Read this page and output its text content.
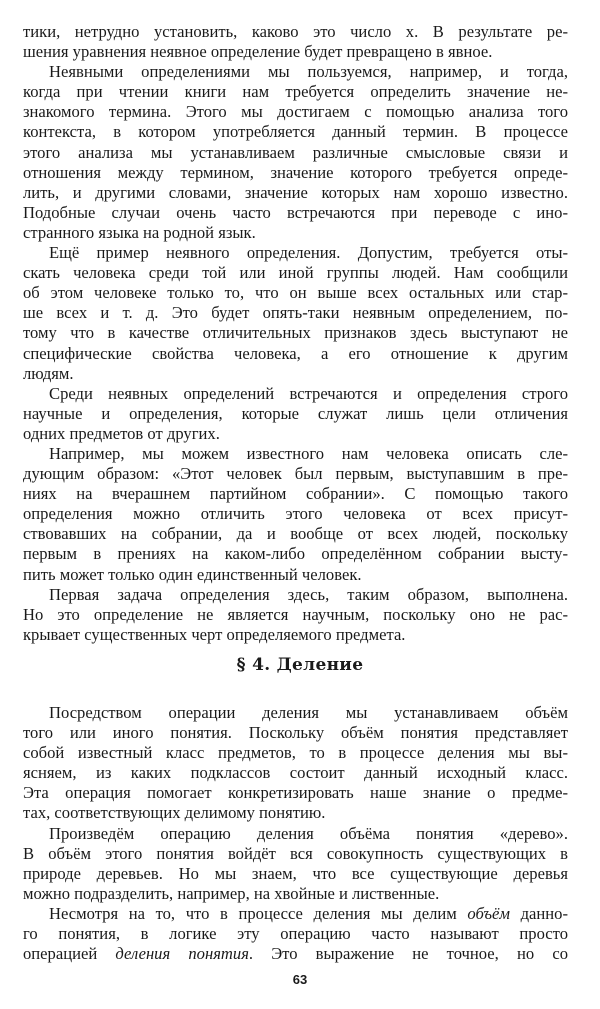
тики, нетрудно установить, каково это число x. В результате ре-
шения уравнения неявное определение будет превращено в явное.
Неявными определениями мы пользуемся, например, и тогда,
когда при чтении книги нам требуется определить значение не-
знакомого термина. Этого мы достигаем с помощью анализа того
контекста, в котором употребляется данный термин. В процессе
этого анализа мы устанавливаем различные смысловые связи и
отношения между термином, значение которого требуется опреде-
лить, и другими словами, значение которых нам хорошо известно.
Подобные случаи очень часто встречаются при переводе с ино-
странного языка на родной язык.
Ещё пример неявного определения. Допустим, требуется оты-
скать человека среди той или иной группы людей. Нам сообщили
об этом человеке только то, что он выше всех остальных или стар-
ше всех и т. д. Это будет опять-таки неявным определением, по-
тому что в качестве отличительных признаков здесь выступают не
специфические свойства человека, а его отношение к другим
людям.
Среди неявных определений встречаются и определения строго
научные и определения, которые служат лишь цели отличения
одних предметов от других.
Например, мы можем известного нам человека описать сле-
дующим образом: «Этот человек был первым, выступавшим в пре-
ниях на вчерашнем партийном собрании». С помощью такого
определения можно отличить этого человека от всех присут-
ствовавших на собрании, да и вообще от всех людей, поскольку
первым в прениях на каком-либо определённом собрании высту-
пить может только один единственный человек.
Первая задача определения здесь, таким образом, выполнена.
Но это определение не является научным, поскольку оно не рас-
крывает существенных черт определяемого предмета.
§ 4. Деление
Посредством операции деления мы устанавливаем объём
того или иного понятия. Поскольку объём понятия представляет
собой известный класс предметов, то в процессе деления мы вы-
ясняем, из каких подклассов состоит данный исходный класс.
Эта операция помогает конкретизировать наше знание о предме-
тах, соответствующих делимому понятию.
Произведём операцию деления объёма понятия «дерево».
В объём этого понятия войдёт вся совокупность существующих в
природе деревьев. Но мы знаем, что все существующие деревья
можно подразделить, например, на хвойные и лиственные.
Несмотря на то, что в процессе деления мы делим объём данно-
го понятия, в логике эту операцию часто называют просто
операцией деления понятия. Это выражение не точное, но со
63
